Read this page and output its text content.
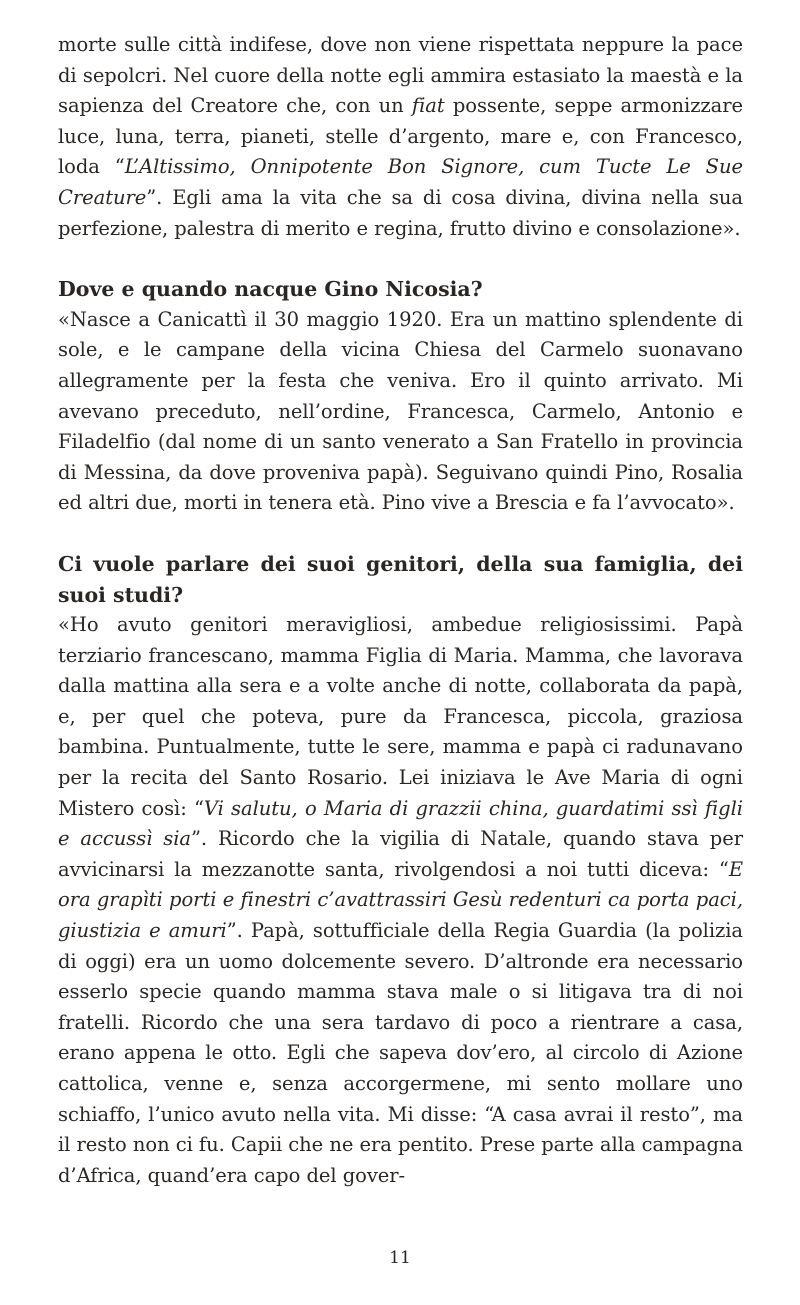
morte sulle città indifese, dove non viene rispettata neppure la pace di sepolcri. Nel cuore della notte egli ammira estasiato la maestà e la sapienza del Creatore che, con un fiat possente, seppe armonizzare luce, luna, terra, pianeti, stelle d’argento, mare e, con Francesco, loda “L’Altissimo, Onnipotente Bon Signore, cum Tucte Le Sue Creature”. Egli ama la vita che sa di cosa divina, divina nella sua perfezione, palestra di merito e regina, frutto divino e consolazione».

Dove e quando nacque Gino Nicosia?

«Nasce a Canicattì il 30 maggio 1920. Era un mattino splendente di sole, e le campane della vicina Chiesa del Carmelo suonavano allegramente per la festa che veniva. Ero il quinto arrivato. Mi avevano preceduto, nell’ordine, Francesca, Carmelo, Antonio e Filadelfio (dal nome di un santo venerato a San Fratello in provincia di Messina, da dove proveniva papà). Seguivano quindi Pino, Rosalia ed altri due, morti in tenera età. Pino vive a Brescia e fa l’avvocato».

Ci vuole parlare dei suoi genitori, della sua famiglia, dei suoi studi?

«Ho avuto genitori meravigliosi, ambedue religiosissimi. Papà terziario francescano, mamma Figlia di Maria. Mamma, che lavorava dalla mattina alla sera e a volte anche di notte, collaborata da papà, e, per quel che poteva, pure da Francesca, piccola, graziosa bambina. Puntualmente, tutte le sere, mamma e papà ci radunavano per la recita del Santo Rosario. Lei iniziava le Ave Maria di ogni Mistero così: “Vi salutu, o Maria di grazzii china, guardatimi ssì figli e accussì sia”. Ricordo che la vigilia di Natale, quando stava per avvicinarsi la mezzanotte santa, rivolgendosi a noi tutti diceva: “E ora grapìti porti e finestri c’avattrassiri Gesù redenturi ca porta paci, giustizia e amuri”. Papà, sottufficiale della Regia Guardia (la polizia di oggi) era un uomo dolcemente severo. D’altronde era necessario esserlo specie quando mamma stava male o si litigava tra di noi fratelli. Ricordo che una sera tardavo di poco a rientrare a casa, erano appena le otto. Egli che sapeva dov’ero, al circolo di Azione cattolica, venne e, senza accorgermene, mi sento mollare uno schiaffo, l’unico avuto nella vita. Mi disse: “A casa avrai il resto”, ma il resto non ci fu. Capii che ne era pentito. Prese parte alla campagna d’Africa, quand’era capo del gover-

11
